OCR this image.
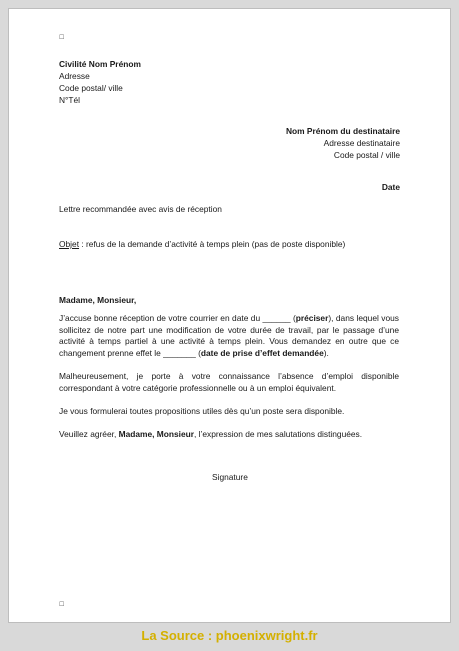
☐
Civilité Nom Prénom
Adresse
Code postal/ ville
N°Tél
Nom Prénom du destinataire
Adresse destinataire
Code postal / ville
Date
Lettre recommandée avec avis de réception
Objet : refus de la demande d’activité à temps plein (pas de poste disponible)
Madame, Monsieur,
J’accuse bonne réception de votre courrier en date du ______ (préciser), dans lequel vous sollicitez de notre part une modification de votre durée de travail, par le passage d’une activité à temps partiel à une activité à temps plein. Vous demandez en outre que ce changement prenne effet le _______ (date de prise d’effet demandée).
Malheureusement, je porte à votre connaissance l’absence d’emploi disponible correspondant à votre catégorie professionnelle ou à un emploi équivalent.
Je vous formulerai toutes propositions utiles dès qu’un poste sera disponible.
Veuillez agréer, Madame, Monsieur, l’expression de mes salutations distinguées.
Signature
☐
La Source : phoenixwright.fr
